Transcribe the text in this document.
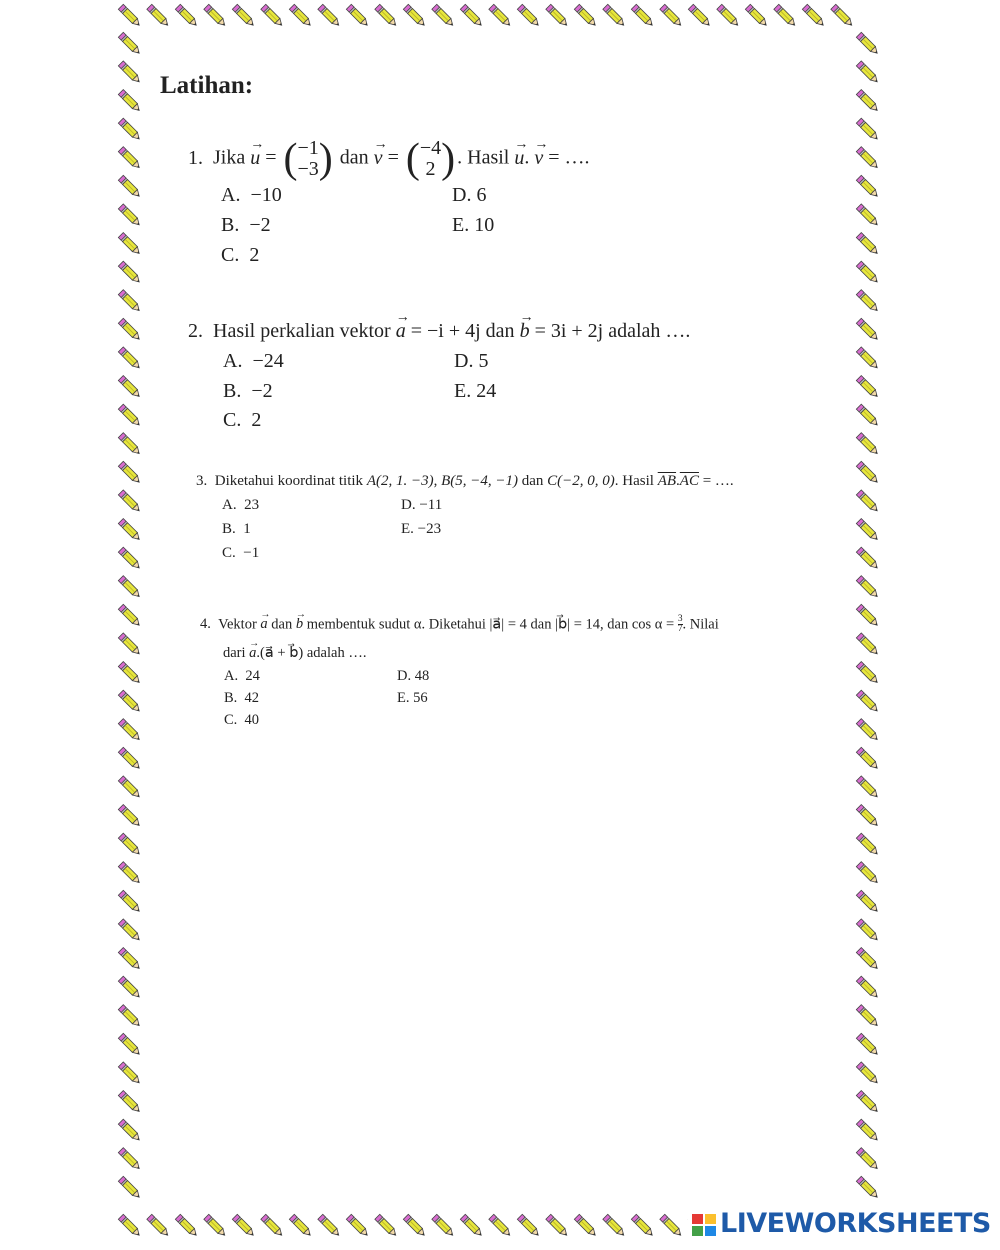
Latihan:
1. Jika → u = (−1
−3) dan → v = (−4
2 ) . Hasil → u. → v = ….
A. −10
B. −2
C. 2
D. 6
E. 10
2. Hasil perkalian vektor → a = −i + 4j dan → b = 3i + 2j adalah ….
A. −24
B. −2
C. 2
D. 5
E. 24
3. Diketahui koordinat titik A(2, 1. −3), B(5, −4, −1) dan C(−2, 0, 0). Hasil $\overline{AB}.\overline{AC}$ = ….
A. 23
B. 1
C. −1
D. −11
E. −23
4. Vektor → a dan → b membentuk sudut α. Diketahui |a⃗| = 4 dan |b⃗| = 14, dan $\cos \alpha = \frac{3}{7}$ . Nilai
dari → a.(a⃗ + b⃗) adalah ….
A. 24
B. 42
C. 40
D. 48
E. 56
LIVEWORKSHEETS
